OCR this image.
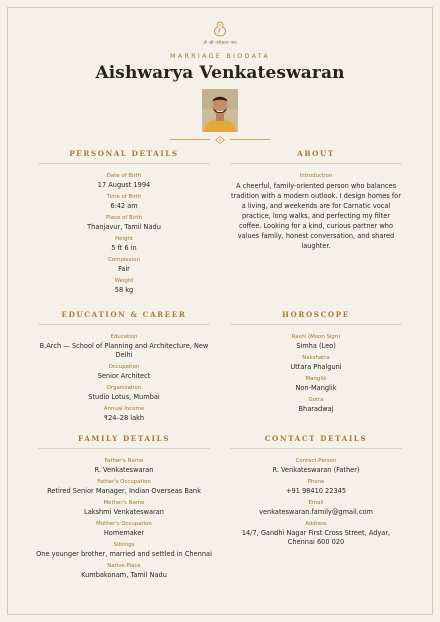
ॐ श्री गणेशाय नमः
MARRIAGE BIODATA
Aishwarya Venkateswaran
PERSONAL DETAILS
Date of Birth
17 August 1994
Time of Birth
6:42 am
Place of Birth
Thanjavur, Tamil Nadu
Height
5 ft 6 in
Complexion
Fair
Weight
58 kg
ABOUT
Introduction
A cheerful, family-oriented person who balances tradition with a modern outlook. I design homes for a living, and weekends are for Carnatic vocal practice, long walks, and perfecting my filter coffee. Looking for a kind, curious partner who values family, honest conversation, and shared laughter.
EDUCATION & CAREER
Education
B.Arch — School of Planning and Architecture, New Delhi
Occupation
Senior Architect
Organization
Studio Lotus, Mumbai
Annual Income
₹24–28 lakh
HOROSCOPE
Rashi (Moon Sign)
Simha (Leo)
Nakshatra
Uttara Phalguni
Manglik
Non-Manglik
Gotra
Bharadwaj
FAMILY DETAILS
Father's Name
R. Venkateswaran
Father's Occupation
Retired Senior Manager, Indian Overseas Bank
Mother's Name
Lakshmi Venkateswaran
Mother's Occupation
Homemaker
Siblings
One younger brother, married and settled in Chennai
Native Place
Kumbakonam, Tamil Nadu
CONTACT DETAILS
Contact Person
R. Venkateswaran (Father)
Phone
+91 98410 22345
Email
venkateswaran.family@gmail.com
Address
14/7, Gandhi Nagar First Cross Street, Adyar, Chennai 600 020
